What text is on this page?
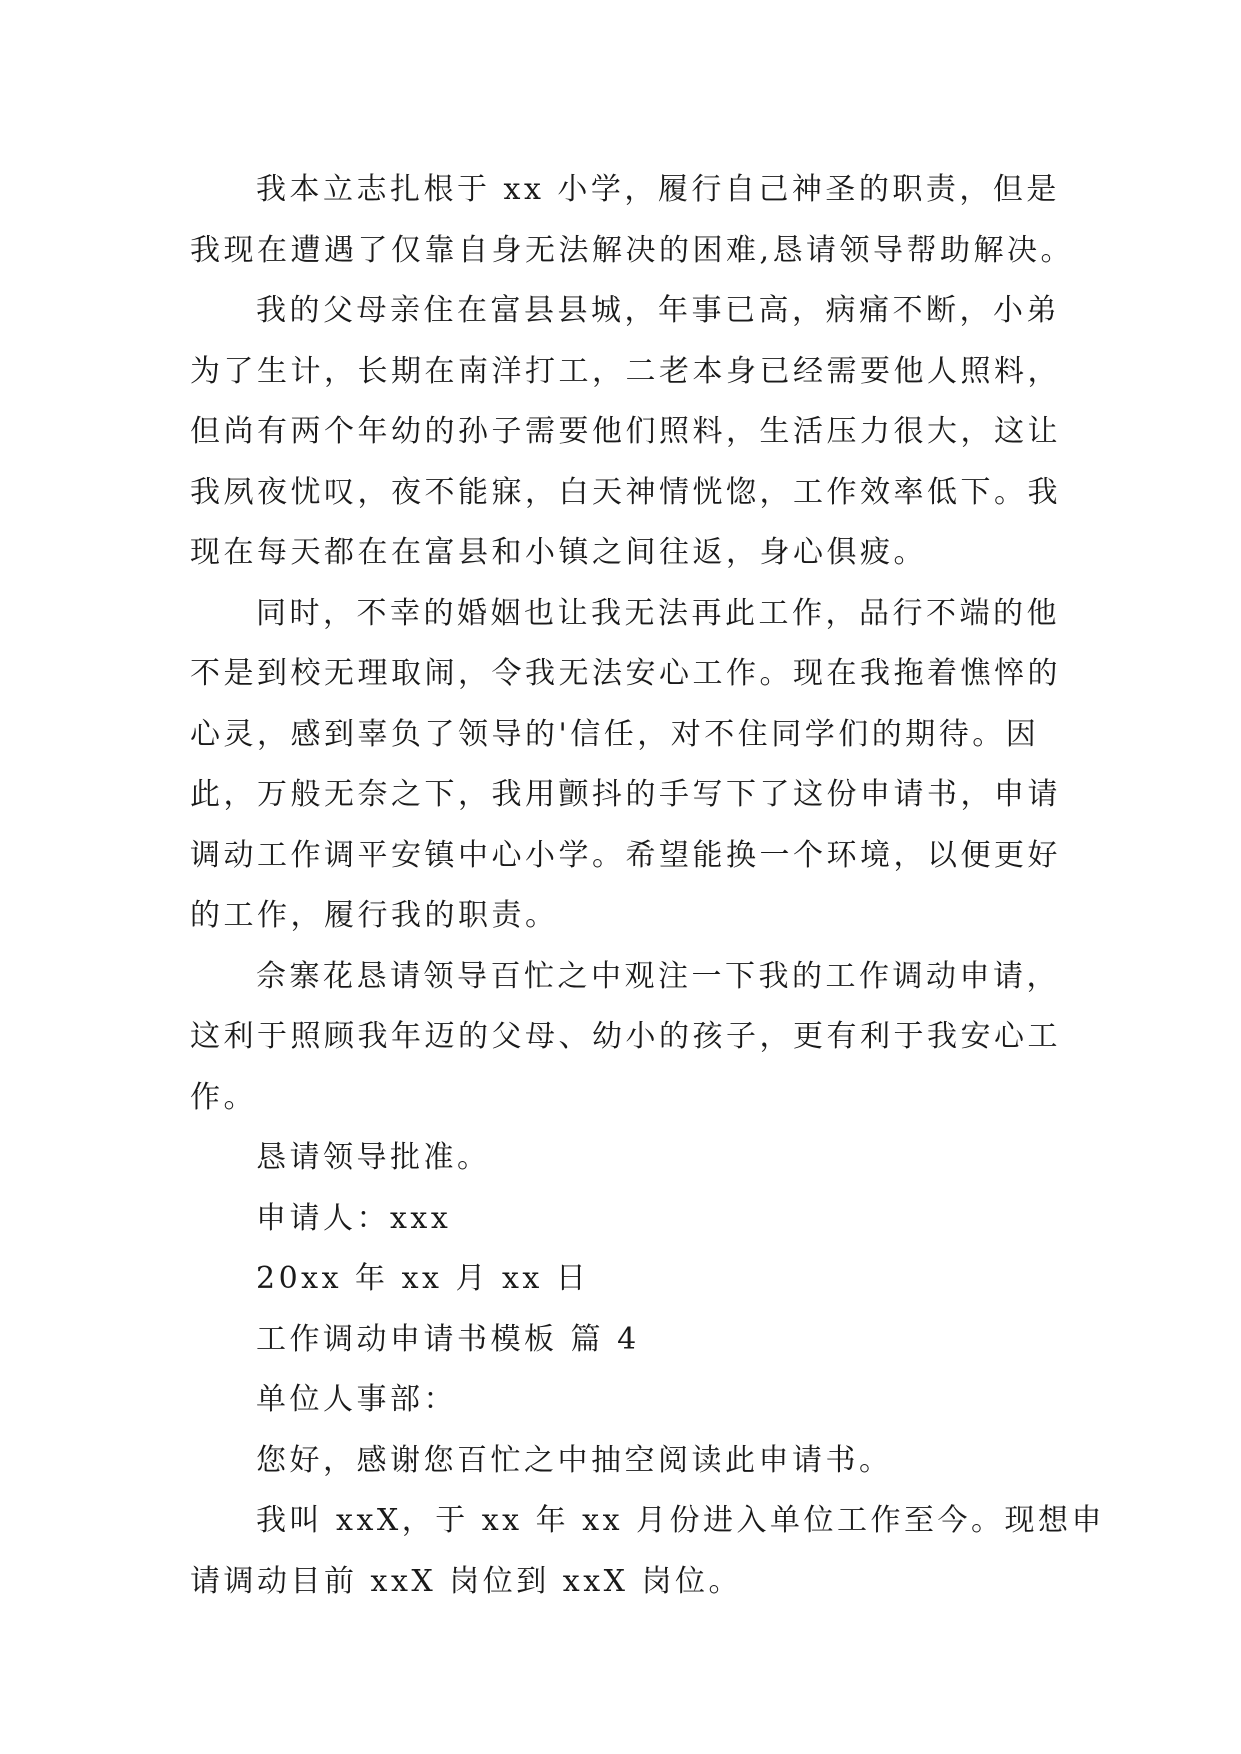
我本立志扎根于 xx 小学，履行自己神圣的职责，但是
我现在遭遇了仅靠自身无法解决的困难,恳请领导帮助解决。
我的父母亲住在富县县城，年事已高，病痛不断，小弟
为了生计，长期在南洋打工，二老本身已经需要他人照料，
但尚有两个年幼的孙子需要他们照料，生活压力很大，这让
我夙夜忧叹，夜不能寐，白天神情恍惚，工作效率低下。我
现在每天都在在富县和小镇之间往返，身心俱疲。
同时，不幸的婚姻也让我无法再此工作，品行不端的他
不是到校无理取闹，令我无法安心工作。现在我拖着憔悴的
心灵，感到辜负了领导的'信任，对不住同学们的期待。因
此，万般无奈之下，我用颤抖的手写下了这份申请书，申请
调动工作调平安镇中心小学。希望能换一个环境，以便更好
的工作，履行我的职责。
佘寨花恳请领导百忙之中观注一下我的工作调动申请，
这利于照顾我年迈的父母、幼小的孩子，更有利于我安心工
作。
恳请领导批准。
申请人：xxx
20xx 年 xx 月 xx 日
工作调动申请书模板 篇 4
单位人事部：
您好，感谢您百忙之中抽空阅读此申请书。
我叫 xxX，于 xx 年 xx 月份进入单位工作至今。现想申
请调动目前 xxX 岗位到 xxX 岗位。
